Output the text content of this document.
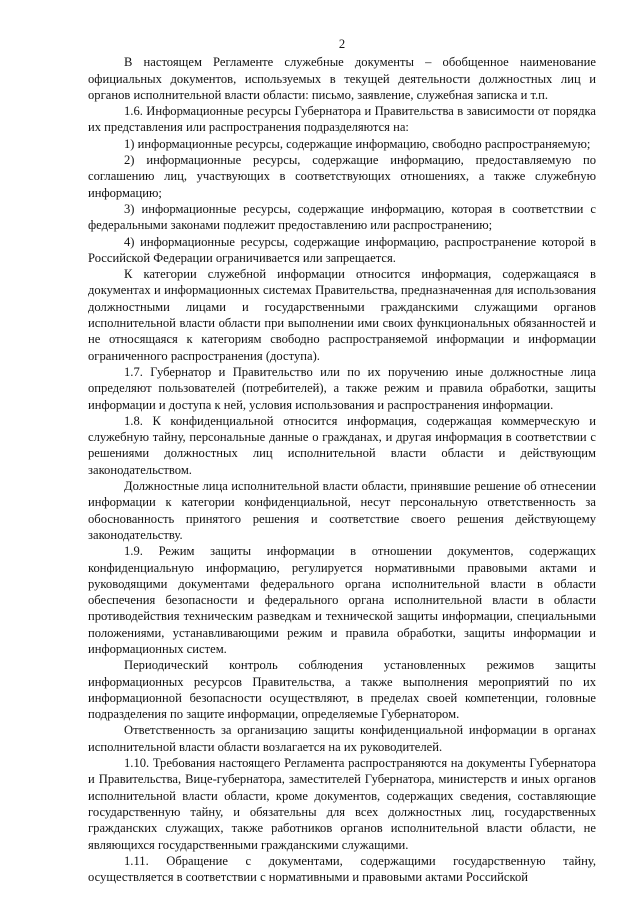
2

В настоящем Регламенте служебные документы – обобщенное наименование официальных документов, используемых в текущей деятельности должностных лиц и органов исполнительной власти области: письмо, заявление, служебная записка и т.п.

1.6. Информационные ресурсы Губернатора и Правительства в зависимости от порядка их представления или распространения подразделяются на:

1) информационные ресурсы, содержащие информацию, свободно распространяемую;

2) информационные ресурсы, содержащие информацию, предоставляемую по соглашению лиц, участвующих в соответствующих отношениях, а также служебную информацию;

3) информационные ресурсы, содержащие информацию, которая в соответствии с федеральными законами подлежит предоставлению или распространению;

4) информационные ресурсы, содержащие информацию, распространение которой в Российской Федерации ограничивается или запрещается.

К категории служебной информации относится информация, содержащаяся в документах и информационных системах Правительства, предназначенная для использования должностными лицами и государственными гражданскими служащими органов исполнительной власти области при выполнении ими своих функциональных обязанностей и не относящаяся к категориям свободно распространяемой информации и информации ограниченного распространения (доступа).

1.7. Губернатор и Правительство или по их поручению иные должностные лица определяют пользователей (потребителей), а также режим и правила обработки, защиты информации и доступа к ней, условия использования и распространения информации.

1.8. К конфиденциальной относится информация, содержащая коммерческую и служебную тайну, персональные данные о гражданах, и другая информация в соответствии с решениями должностных лиц исполнительной власти области и действующим законодательством.

Должностные лица исполнительной власти области, принявшие решение об отнесении информации к категории конфиденциальной, несут персональную ответственность за обоснованность принятого решения и соответствие своего решения действующему законодательству.

1.9. Режим защиты информации в отношении документов, содержащих конфиденциальную информацию, регулируется нормативными правовыми актами и руководящими документами федерального органа исполнительной власти в области обеспечения безопасности и федерального органа исполнительной власти в области противодействия техническим разведкам и технической защиты информации, специальными положениями, устанавливающими режим и правила обработки, защиты информации и информационных систем.

Периодический контроль соблюдения установленных режимов защиты информационных ресурсов Правительства, а также выполнения мероприятий по их информационной безопасности осуществляют, в пределах своей компетенции, головные подразделения по защите информации, определяемые Губернатором.

Ответственность за организацию защиты конфиденциальной информации в органах исполнительной власти области возлагается на их руководителей.

1.10. Требования настоящего Регламента распространяются на документы Губернатора и Правительства, Вице-губернатора, заместителей Губернатора, министерств и иных органов исполнительной власти области, кроме документов, содержащих сведения, составляющие государственную тайну, и обязательны для всех должностных лиц, государственных гражданских служащих, также работников органов исполнительной власти области, не являющихся государственными гражданскими служащими.

1.11. Обращение с документами, содержащими государственную тайну, осуществляется в соответствии с нормативными и правовыми актами Российской
